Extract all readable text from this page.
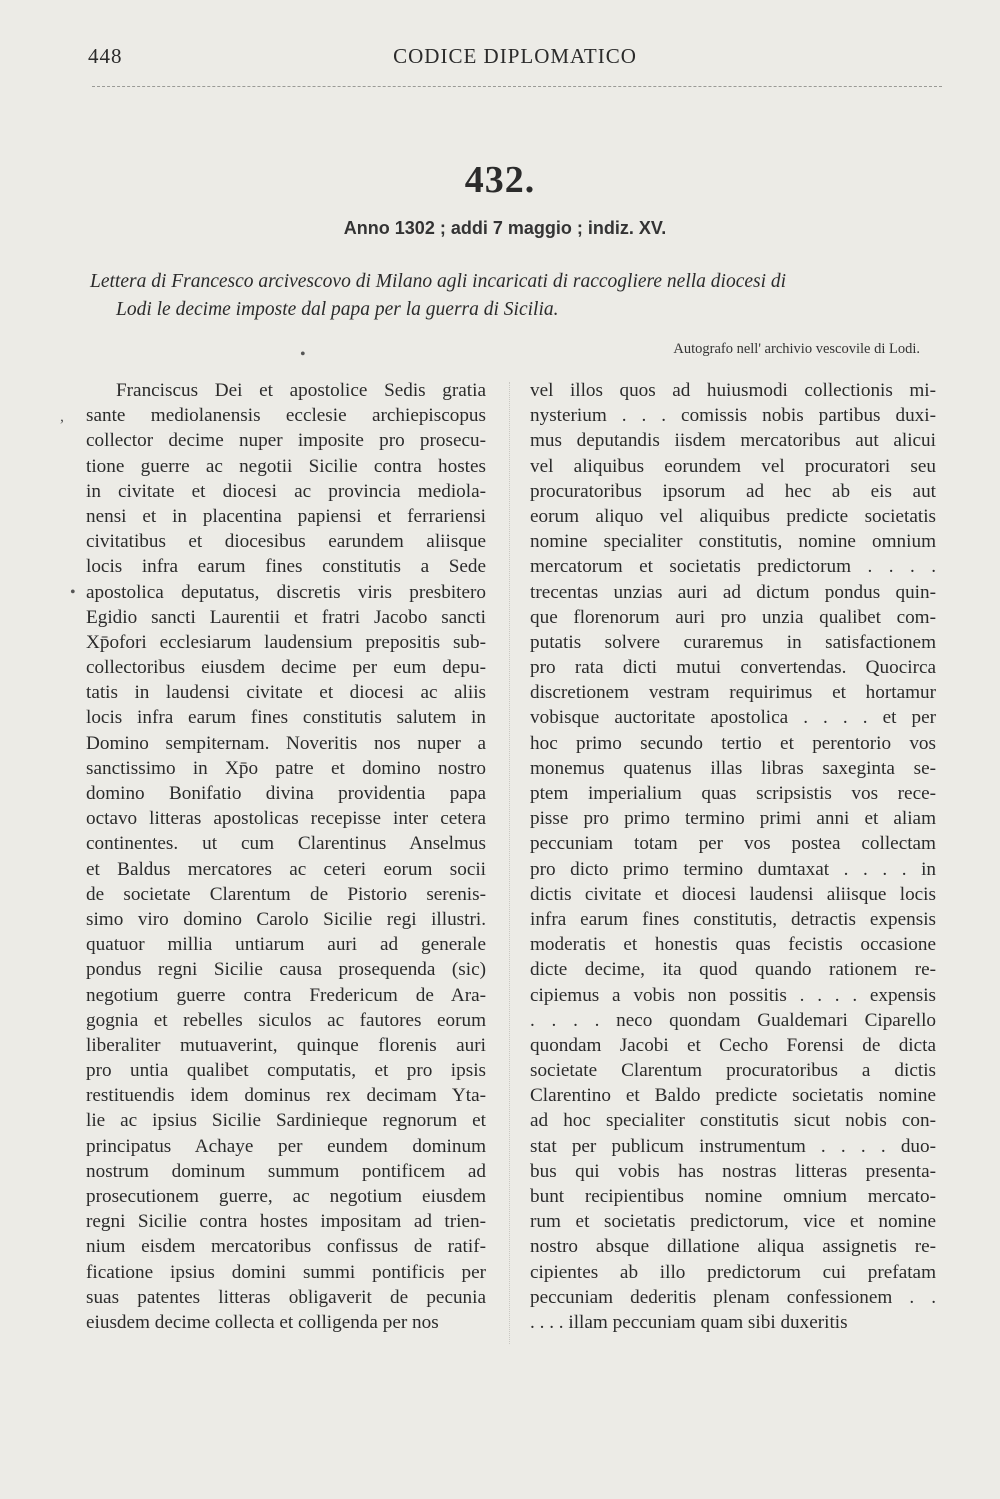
448	CODICE DIPLOMATICO
432.
Anno 1302 ; addi 7 maggio ; indiz. XV.
Lettera di Francesco arcivescovo di Milano agli incaricati di raccogliere nella diocesi di
Lodi le decime imposte dal papa per la guerra di Sicilia.
Autografo nell' archivio vescovile di Lodi.
Franciscus Dei et apostolice Sedis gratia
sante mediolanensis ecclesie archiepiscopus
collector decime nuper imposite pro prosecu-
tione guerre ac negotii Sicilie contra hostes
in civitate et diocesi ac provincia mediola-
nensi et in placentina papiensi et ferrariensi
civitatibus et diocesibus earundem aliisque
locis infra earum fines constitutis a Sede
apostolica deputatus, discretis viris presbitero
Egidio sancti Laurentii et fratri Jacobo sancti
Xp̄ofori ecclesiarum laudensium prepositis sub-
collectoribus eiusdem decime per eum depu-
tatis in laudensi civitate et diocesi ac aliis
locis infra earum fines constitutis salutem in
Domino sempiternam. Noveritis nos nuper a
sanctissimo in Xp̄o patre et domino nostro
domino Bonifatio divina providentia papa
octavo litteras apostolicas recepisse inter cetera
continentes. ut cum Clarentinus Anselmus
et Baldus mercatores ac ceteri eorum socii
de societate Clarentum de Pistorio serenis-
simo viro domino Carolo Sicilie regi illustri.
quatuor millia untiarum auri ad generale
pondus regni Sicilie causa prosequenda (sic)
negotium guerre contra Fredericum de Ara-
gognia et rebelles siculos ac fautores eorum
liberaliter mutuaverint, quinque florenis auri
pro untia qualibet computatis, et pro ipsis
restituendis idem dominus rex decimam Yta-
lie ac ipsius Sicilie Sardinieque regnorum et
principatus Achaye per eundem dominum
nostrum dominum summum pontificem ad
prosecutionem guerre, ac negotium eiusdem
regni Sicilie contra hostes impositam ad trien-
nium eisdem mercatoribus confissus de ratif-
ficatione ipsius domini summi pontificis per
suas patentes litteras obligaverit de pecunia
eiusdem decime collecta et colligenda per nos
vel illos quos ad huiusmodi collectionis mi-
nysterium . . . comissis nobis partibus duxi-
mus deputandis iisdem mercatoribus aut alicui
vel aliquibus eorundem vel procuratori seu
procuratoribus ipsorum ad hec ab eis aut
eorum aliquo vel aliquibus predicte societatis
nomine specialiter constitutis, nomine omnium
mercatorum et societatis predictorum . . . .
trecentas unzias auri ad dictum pondus quin-
que florenorum auri pro unzia qualibet com-
putatis solvere curaremus in satisfactionem
pro rata dicti mutui convertendas. Quocirca
discretionem vestram requirimus et hortamur
vobisque auctoritate apostolica . . . . et per
hoc primo secundo tertio et perentorio vos
monemus quatenus illas libras saxeginta se-
ptem imperialium quas scripsistis vos rece-
pisse pro primo termino primi anni et aliam
peccuniam totam per vos postea collectam
pro dicto primo termino dumtaxat . . . . in
dictis civitate et diocesi laudensi aliisque locis
infra earum fines constitutis, detractis expensis
moderatis et honestis quas fecistis occasione
dicte decime, ita quod quando rationem re-
cipiemus a vobis non possitis . . . . expensis
. . . . neco quondam Gualdemari Ciparello
quondam Jacobi et Cecho Forensi de dicta
societate Clarentum procuratoribus a dictis
Clarentino et Baldo predicte societatis nomine
ad hoc specialiter constitutis sicut nobis con-
stat per publicum instrumentum . . . . duo-
bus qui vobis has nostras litteras presenta-
bunt recipientibus nomine omnium mercato-
rum et societatis predictorum, vice et nomine
nostro absque dillatione aliqua assignetis re-
cipientes ab illo predictorum cui prefatam
peccuniam dederitis plenam confessionem . .
. . . . illam peccuniam quam sibi duxeritis
,
•
•
